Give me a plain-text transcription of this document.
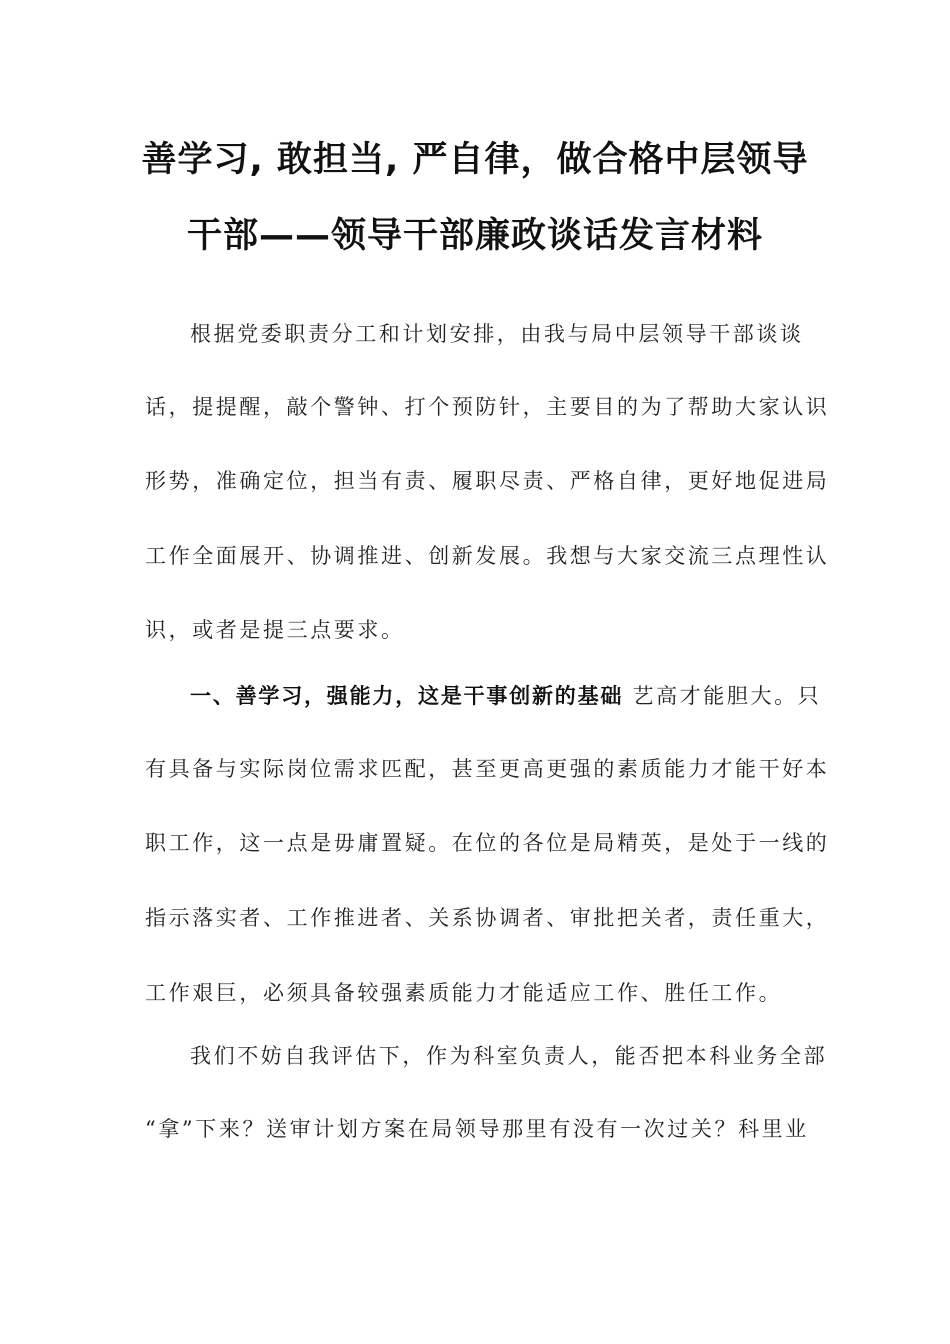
善学习, 敢担当, 严自律，做合格中层领导
干部——领导干部廉政谈话发言材料
根据党委职责分工和计划安排，由我与局中层领导干部谈谈
话，提提醒，敲个警钟、打个预防针，主要目的为了帮助大家认识
形势，准确定位，担当有责、履职尽责、严格自律，更好地促进局
工作全面展开、协调推进、创新发展。我想与大家交流三点理性认
识，或者是提三点要求。
一、善学习，强能力，这是干事创新的基础 艺高才能胆大。只
有具备与实际岗位需求匹配，甚至更高更强的素质能力才能干好本
职工作，这一点是毋庸置疑。在位的各位是局精英，是处于一线的
指示落实者、工作推进者、关系协调者、审批把关者，责任重大，
工作艰巨，必须具备较强素质能力才能适应工作、胜任工作。
我们不妨自我评估下，作为科室负责人，能否把本科业务全部
“拿”下来？送审计划方案在局领导那里有没有一次过关？科里业
